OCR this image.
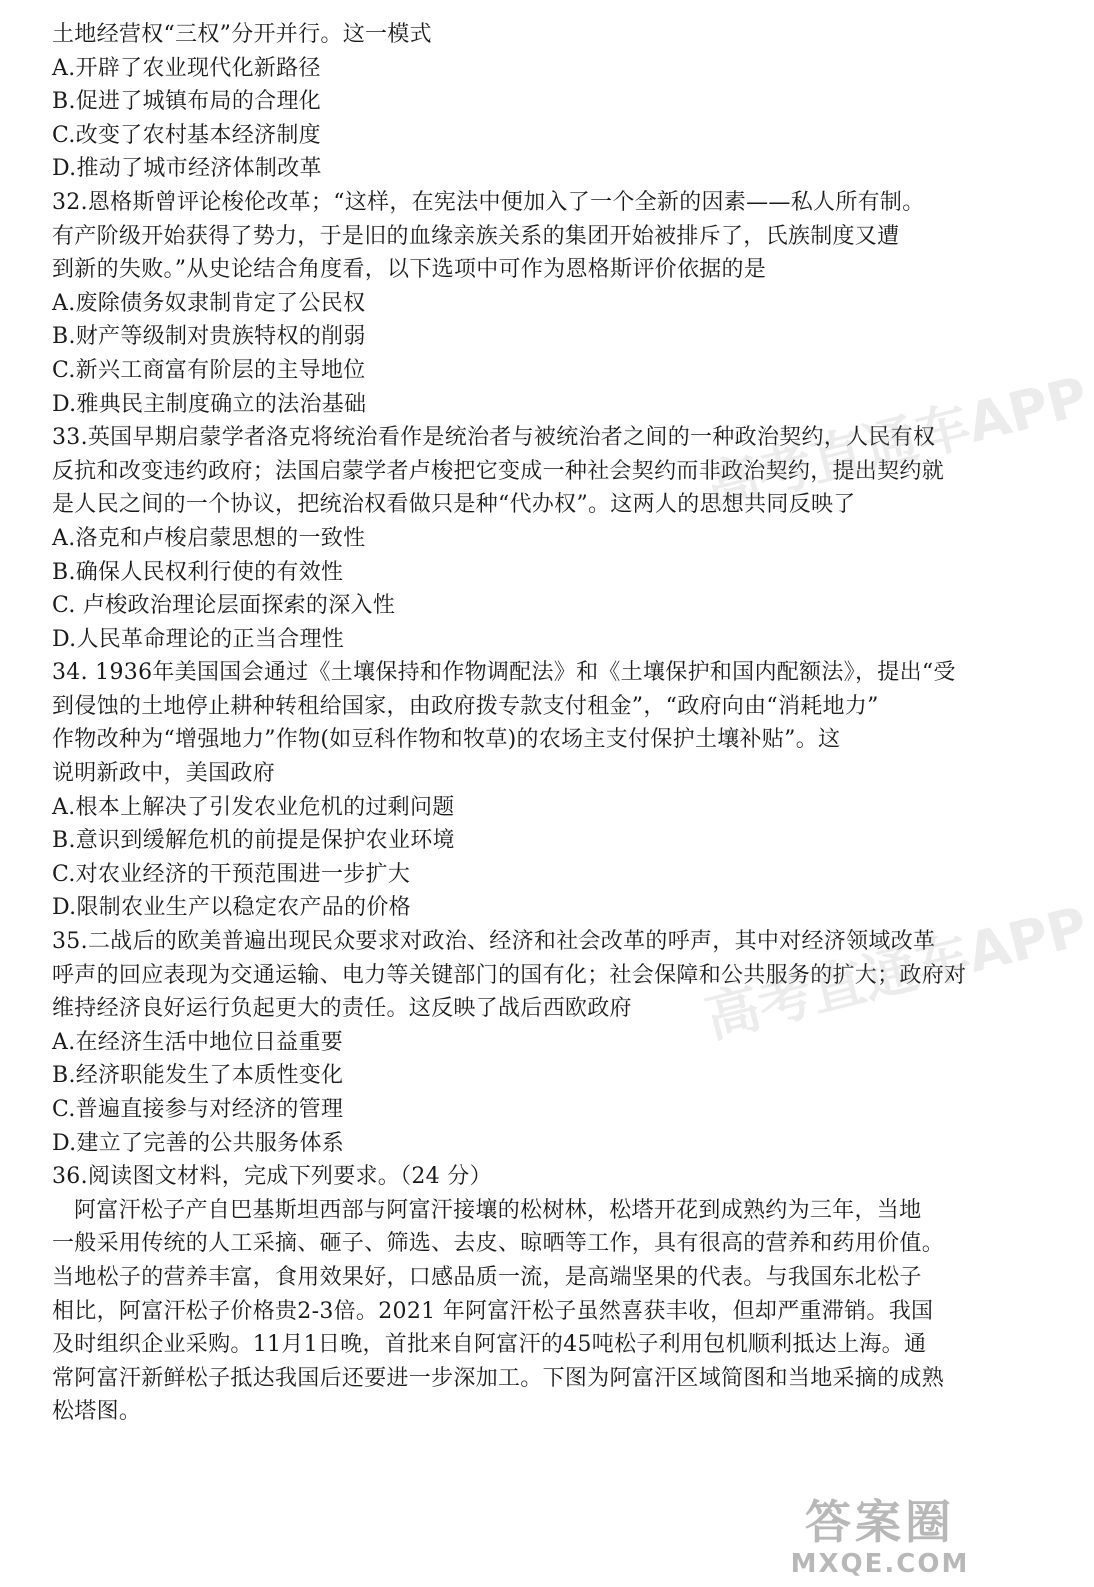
土地经营权“三权”分开并行。这一模式
A.开辟了农业现代化新路径
B.促进了城镇布局的合理化
C.改变了农村基本经济制度
D.推动了城市经济体制改革
32.恩格斯曾评论梭伦改革；“这样，在宪法中便加入了一个全新的因素——私人所有制。
有产阶级开始获得了势力，于是旧的血缘亲族关系的集团开始被排斥了，氏族制度又遭
到新的失败。”从史论结合角度看，以下选项中可作为恩格斯评价依据的是
A.废除债务奴隶制肯定了公民权
B.财产等级制对贵族特权的削弱
C.新兴工商富有阶层的主导地位
D.雅典民主制度确立的法治基础
33.英国早期启蒙学者洛克将统治看作是统治者与被统治者之间的一种政治契约，人民有权
反抗和改变违约政府；法国启蒙学者卢梭把它变成一种社会契约而非政治契约，提出契约就
是人民之间的一个协议，把统治权看做只是种“代办权”。这两人的思想共同反映了
A.洛克和卢梭启蒙思想的一致性
B.确保人民权利行使的有效性
C. 卢梭政治理论层面探索的深入性
D.人民革命理论的正当合理性
34. 1936年美国国会通过《土壤保持和作物调配法》和《土壤保护和国内配额法》，提出“受
到侵蚀的土地停止耕种转租给国家，由政府拨专款支付租金”，“政府向由“消耗地力”
作物改种为“增强地力”作物(如豆科作物和牧草)的农场主支付保护土壤补贴”。这
说明新政中，美国政府
A.根本上解决了引发农业危机的过剩问题
B.意识到缓解危机的前提是保护农业环境
C.对农业经济的干预范围进一步扩大
D.限制农业生产以稳定农产品的价格
35.二战后的欧美普遍出现民众要求对政治、经济和社会改革的呼声，其中对经济领域改革
呼声的回应表现为交通运输、电力等关键部门的国有化；社会保障和公共服务的扩大；政府对
维持经济良好运行负起更大的责任。这反映了战后西欧政府
A.在经济生活中地位日益重要
B.经济职能发生了本质性变化
C.普遍直接参与对经济的管理
D.建立了完善的公共服务体系
36.阅读图文材料，完成下列要求。（24 分）
阿富汗松子产自巴基斯坦西部与阿富汗接壤的松树林，松塔开花到成熟约为三年，当地
一般采用传统的人工采摘、砸子、筛选、去皮、晾晒等工作，具有很高的营养和药用价值。
当地松子的营养丰富，食用效果好，口感品质一流，是高端坚果的代表。与我国东北松子
相比，阿富汗松子价格贵2-3倍。2021 年阿富汗松子虽然喜获丰收，但却严重滞销。我国
及时组织企业采购。11月1日晚，首批来自阿富汗的45吨松子利用包机顺利抵达上海。通
常阿富汗新鲜松子抵达我国后还要进一步深加工。下图为阿富汗区域简图和当地采摘的成熟
松塔图。
高考直通车APP
高考直通车APP
答案圈
MXQE.COM
